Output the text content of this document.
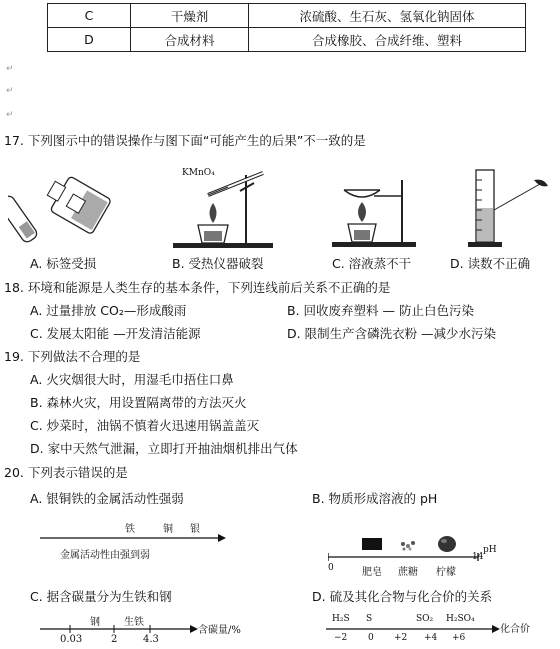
C	干燥剂	浓硫酸、生石灰、氢氧化钠固体
D	合成材料	合成橡胶、合成纤维、塑料
↵
↵
↵
17. 下列图示中的错误操作与图下面“可能产生的后果”不一致的是
KMnO₄
A. 标签受损	B. 受热仪器破裂	C. 溶液蒸不干	D. 读数不正确
18. 环境和能源是人类生存的基本条件，下列连线前后关系不正确的是
A. 过量排放 CO₂—形成酸雨	B. 回收废弃塑料 — 防止白色污染
C. 发展太阳能 —开发清洁能源	D. 限制生产含磷洗衣粉 —减少水污染
19. 下列做法不合理的是
A. 火灾烟很大时，用湿毛巾捂住口鼻
B. 森林火灾，用设置隔离带的方法灭火
C. 炒菜时，油锅不慎着火迅速用锅盖盖灭
D. 家中天然气泄漏，立即打开抽油烟机排出气体
20. 下列表示错误的是
A. 银铜铁的金属活动性强弱	B. 物质形成溶液的 pH
铁	铜 银
金属活动性由强到弱	pH
0
14
肥皂 蔗糖 柠檬
C. 据含碳量分为生铁和钢	D. 硫及其化合物与化合价的关系
钢 生铁
含碳量/%
0.03	2	4.3
H₂S S	SO₂ H₂SO₄
化合价
−2 0 +2 +4 +6
